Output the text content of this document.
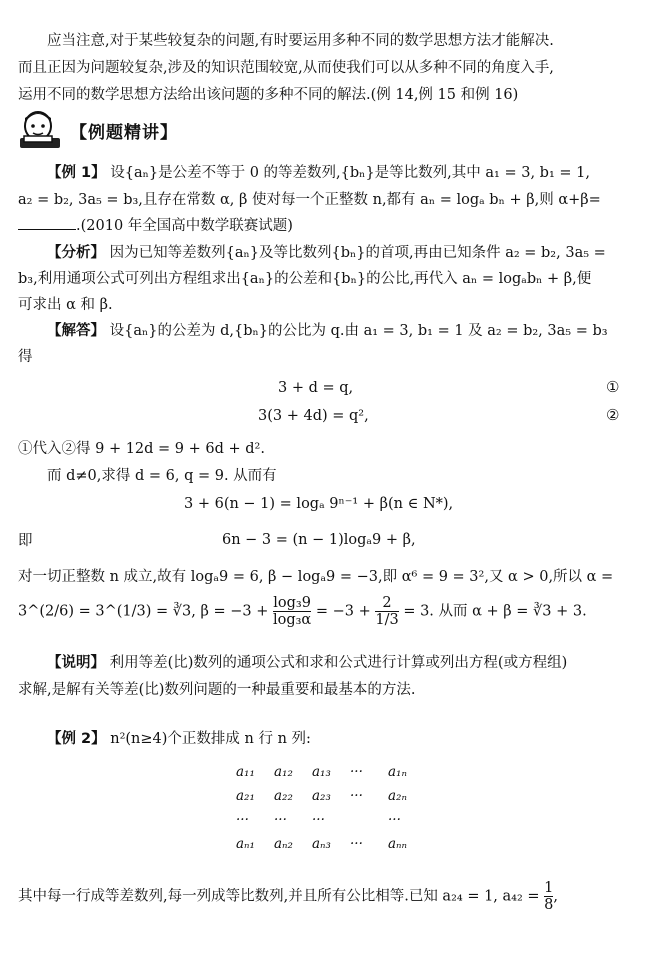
应当注意,对于某些较复杂的问题,有时要运用多种不同的数学思想方法才能解决.
而且正因为问题较复杂,涉及的知识范围较宽,从而使我们可以从多种不同的角度入手,
运用不同的数学思想方法给出该问题的多种不同的解法.(例 14,例 15 和例 16)
【例题精讲】
【例 1】 设{aₙ}是公差不等于 0 的等差数列,{bₙ}是等比数列,其中 a₁ = 3, b₁ = 1,
a₂ = b₂, 3a₅ = b₃,且存在常数 α, β 使对每一个正整数 n,都有 aₙ = logₐ bₙ + β,则 α+β=
.(2010 年全国高中数学联赛试题)
【分析】 因为已知等差数列{aₙ}及等比数列{bₙ}的首项,再由已知条件 a₂ = b₂, 3a₅ =
b₃,利用通项公式可列出方程组求出{aₙ}的公差和{bₙ}的公比,再代入 aₙ = logₐbₙ + β,便
可求出 α 和 β.
【解答】 设{aₙ}的公差为 d,{bₙ}的公比为 q.由 a₁ = 3, b₁ = 1 及 a₂ = b₂, 3a₅ = b₃
得
3 + d = q,	①
3(3 + 4d) = q²,	②
①代入②得 9 + 12d = 9 + 6d + d².
而 d≠0,求得 d = 6, q = 9. 从而有
3 + 6(n − 1) = logₐ 9ⁿ⁻¹ + β(n ∈ N*),
即	6n − 3 = (n − 1)logₐ9 + β,
对一切正整数 n 成立,故有 logₐ9 = 6, β − logₐ9 = −3,即 α⁶ = 9 = 3²,又 α > 0,所以 α =
3^(2/6) = 3^(1/3) = ∛3, $\beta = -3 + \frac{\text{log₃9}}{\text{log₃α}} = -3 + \frac{2}{1/3} = 3$. 从而 α + β = ∛3 + 3.
【说明】 利用等差(比)数列的通项公式和求和公式进行计算或列出方程(或方程组)
求解,是解有关等差(比)数列问题的一种最重要和最基本的方法.
【例 2】 n²(n≥4)个正数排成 n 行 n 列:
a₁₁	a₁₂	a₁₃	···	a₁ₙ
a₂₁	a₂₂	a₂₃	···	a₂ₙ
···	···	···		···
aₙ₁	aₙ₂	aₙ₃	···	aₙₙ
其中每一行成等差数列,每一列成等比数列,并且所有公比相等.已知 a₂₄ = 1, $a_{42} = \frac{1}{8}$ ,
